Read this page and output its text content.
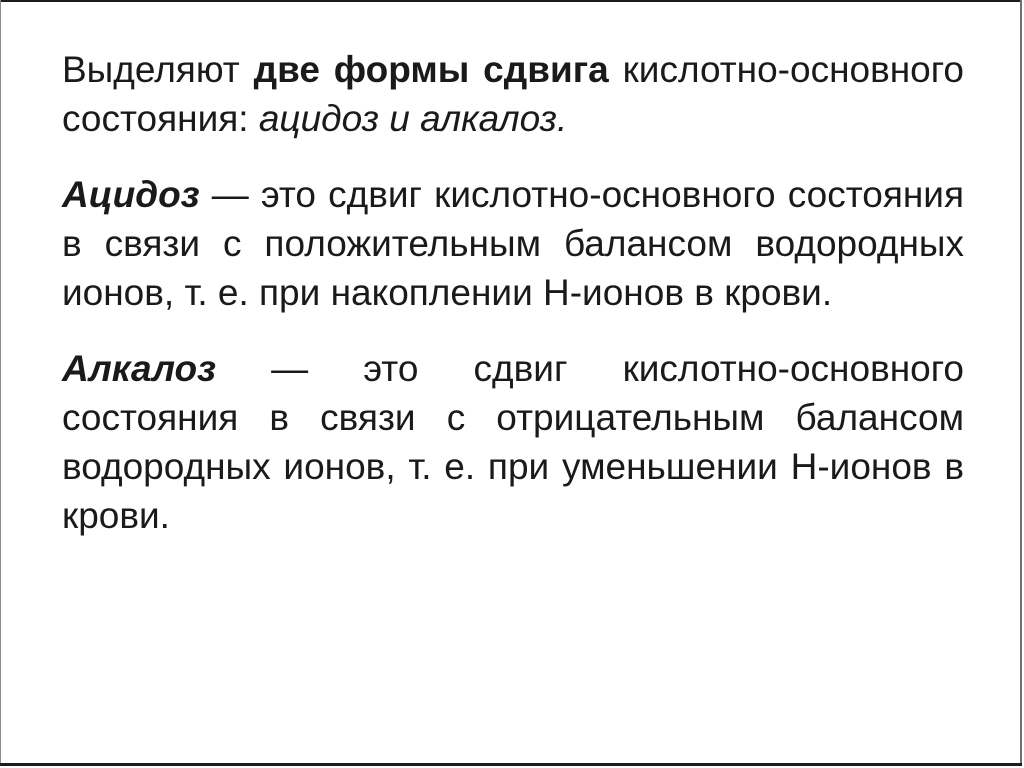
Выделяют две формы сдвига кислотно-основного состояния: ацидоз и алкалоз.

Ацидоз — это сдвиг кислотно-основного состояния в связи с положительным балансом водородных ионов, т. е. при накоплении Н-ионов в крови.

Алкалоз — это сдвиг кислотно-основного состояния в связи с отрицательным балансом водородных ионов, т. е. при уменьшении Н-ионов в крови.
